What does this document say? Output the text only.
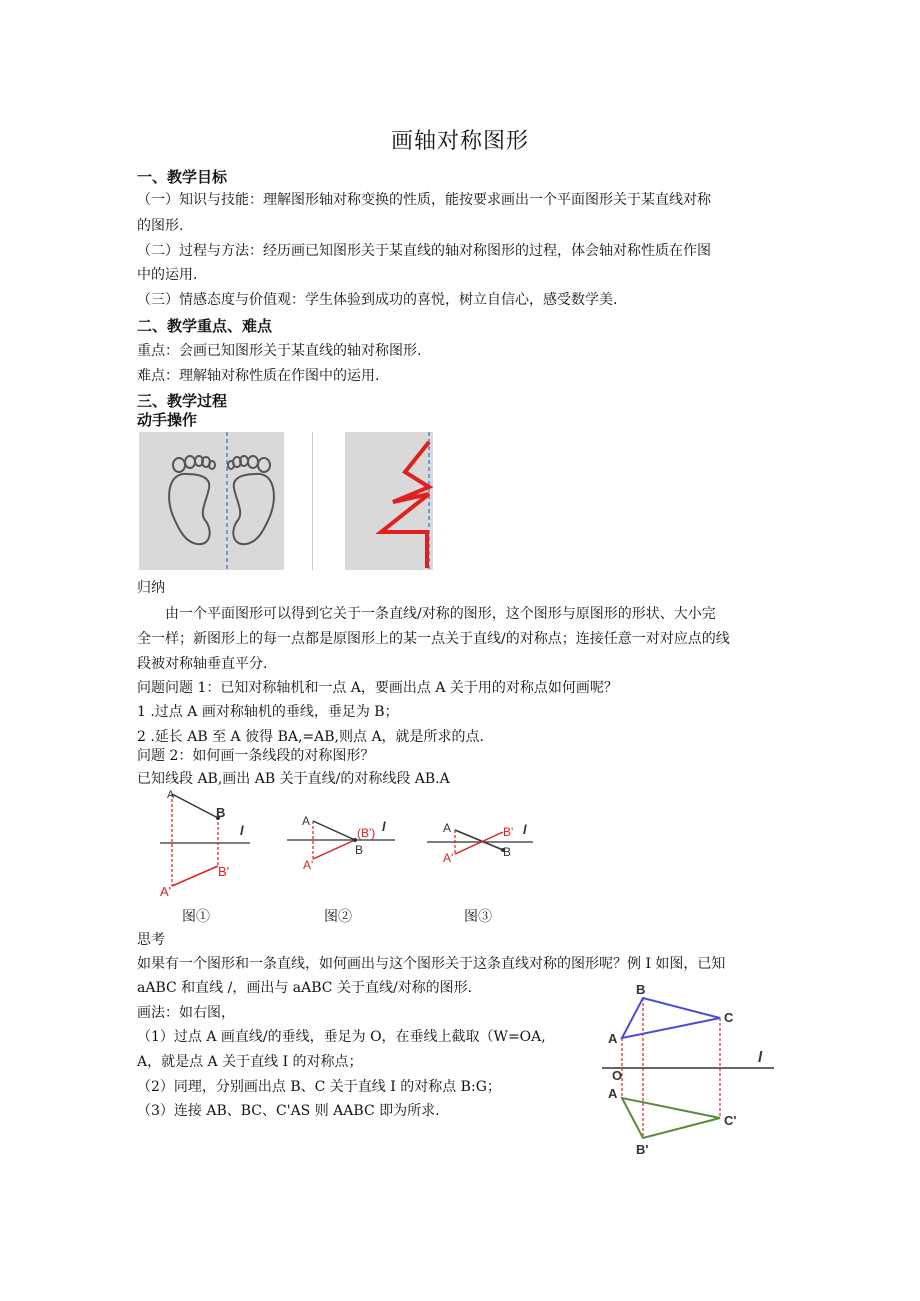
画轴对称图形
一、教学目标
（一）知识与技能：理解图形轴对称变换的性质，能按要求画出一个平面图形关于某直线对称
的图形.
（二）过程与方法：经历画已知图形关于某直线的轴对称图形的过程，体会轴对称性质在作图
中的运用.
（三）情感态度与价值观：学生体验到成功的喜悦，树立自信心，感受数学美.
二、教学重点、难点
重点：会画已知图形关于某直线的轴对称图形.
难点：理解轴对称性质在作图中的运用.
三、教学过程
动手操作
归纳
由一个平面图形可以得到它关于一条直线/对称的图形，这个图形与原图形的形状、大小完
全一样；新图形上的每一点都是原图形上的某一点关于直线/的对称点；连接任意一对对应点的线
段被对称轴垂直平分.
问题问题 1：已知对称轴机和一点 A，要画出点 A 关于用的对称点如何画呢？
1 .过点 A 画对称轴机的垂线，垂足为 B；
2 .延长 AB 至 A 彼得 BA,=AB,则点 A，就是所求的点.
问题 2：如何画一条线段的对称图形？
已知线段 AB,画出 AB 关于直线/的对称线段 AB.A
A
B
l
B'
A'
图①
A
(B') l
B
A'
图②
A	B' l
B
A'
图③
思考
如果有一个图形和一条直线，如何画出与这个图形关于这条直线对称的图形呢？例 I 如图，已知
aABC 和直线 /，画出与 aABC 关于直线/对称的图形.
画法：如右图，
（1）过点 A 画直线/的垂线，垂足为 O，在垂线上截取（W=OA,
A，就是点 A 关于直线 I 的对称点；
（2）同理，分别画出点 B、C 关于直线 I 的对称点 B:G；
（3）连接 AB、BC、C'AS 则 AABC 即为所求.
B
C
A
O
l
A
C'
B'
